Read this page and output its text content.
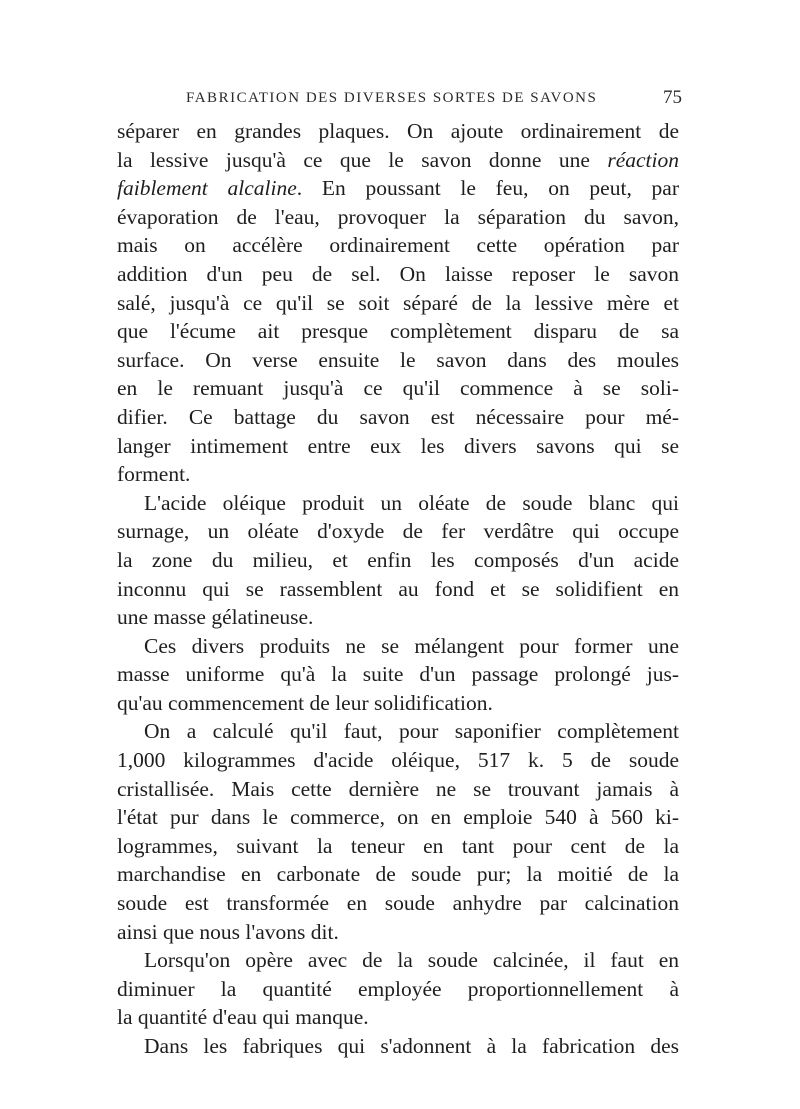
FABRICATION DES DIVERSES SORTES DE SAVONS	75
séparer en grandes plaques. On ajoute ordinairement de
la lessive jusqu'à ce que le savon donne une réaction
faiblement alcaline. En poussant le feu, on peut, par
évaporation de l'eau, provoquer la séparation du savon,
mais on accélère ordinairement cette opération par
addition d'un peu de sel. On laisse reposer le savon
salé, jusqu'à ce qu'il se soit séparé de la lessive mère et
que l'écume ait presque complètement disparu de sa
surface. On verse ensuite le savon dans des moules
en le remuant jusqu'à ce qu'il commence à se soli-
difier. Ce battage du savon est nécessaire pour mé-
langer intimement entre eux les divers savons qui se
forment.
L'acide oléique produit un oléate de soude blanc qui
surnage, un oléate d'oxyde de fer verdâtre qui occupe
la zone du milieu, et enfin les composés d'un acide
inconnu qui se rassemblent au fond et se solidifient en
une masse gélatineuse.
Ces divers produits ne se mélangent pour former une
masse uniforme qu'à la suite d'un passage prolongé jus-
qu'au commencement de leur solidification.
On a calculé qu'il faut, pour saponifier complètement
1,000 kilogrammes d'acide oléique, 517 k. 5 de soude
cristallisée. Mais cette dernière ne se trouvant jamais à
l'état pur dans le commerce, on en emploie 540 à 560 ki-
logrammes, suivant la teneur en tant pour cent de la
marchandise en carbonate de soude pur; la moitié de la
soude est transformée en soude anhydre par calcination
ainsi que nous l'avons dit.
Lorsqu'on opère avec de la soude calcinée, il faut en
diminuer la quantité employée proportionnellement à
la quantité d'eau qui manque.
Dans les fabriques qui s'adonnent à la fabrication des
